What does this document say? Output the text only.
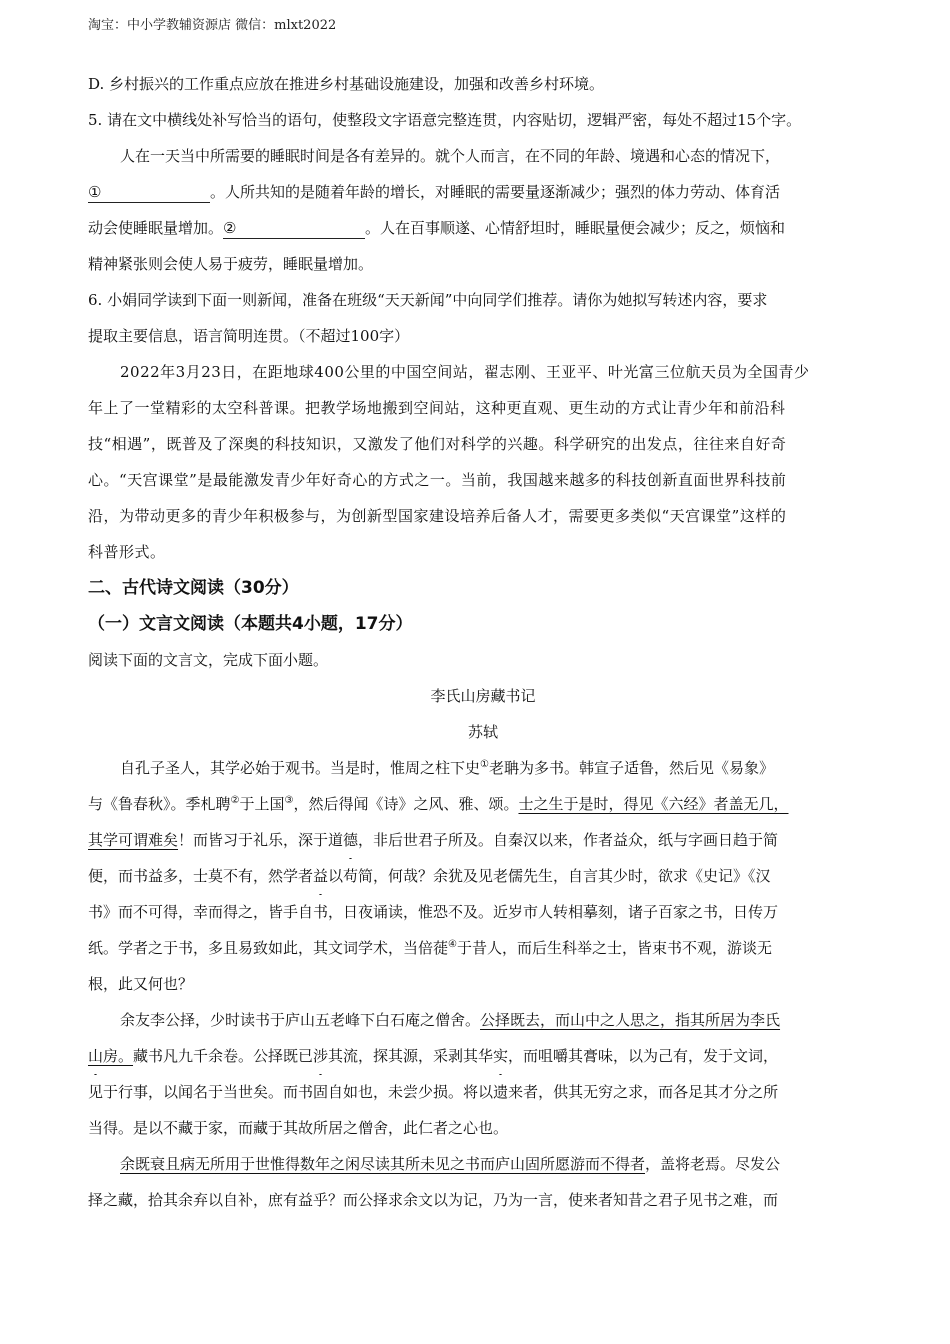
淘宝：中小学教辅资源店 微信：mlxt2022
D. 乡村振兴的工作重点应放在推进乡村基础设施建设，加强和改善乡村环境。
5. 请在文中横线处补写恰当的语句，使整段文字语意完整连贯，内容贴切，逻辑严密，每处不超过15个字。
人在一天当中所需要的睡眠时间是各有差异的。就个人而言，在不同的年龄、境遇和心态的情况下，
①	。人所共知的是随着年龄的增长，对睡眠的需要量逐渐减少；强烈的体力劳动、体育活
动会使睡眠量增加。②	。人在百事顺遂、心情舒坦时，睡眠量便会减少；反之，烦恼和
精神紧张则会使人易于疲劳，睡眠量增加。
6. 小娟同学读到下面一则新闻，准备在班级“天天新闻”中向同学们推荐。请你为她拟写转述内容，要求
提取主要信息，语言简明连贯。（不超过100字）
2022年3月23日，在距地球400公里的中国空间站，翟志刚、王亚平、叶光富三位航天员为全国青少
年上了一堂精彩的太空科普课。把教学场地搬到空间站，这种更直观、更生动的方式让青少年和前沿科
技“相遇”，既普及了深奥的科技知识，又激发了他们对科学的兴趣。科学研究的出发点，往往来自好奇
心。“天宫课堂”是最能激发青少年好奇心的方式之一。当前，我国越来越多的科技创新直面世界科技前
沿，为带动更多的青少年积极参与，为创新型国家建设培养后备人才，需要更多类似“天宫课堂”这样的
科普形式。
二、古代诗文阅读（30分）
（一）文言文阅读（本题共4小题，17分）
阅读下面的文言文，完成下面小题。
李氏山房藏书记
苏轼
自孔子圣人，其学必始于观书。当是时，惟周之柱下史①老聃为多书。韩宣子适鲁，然后见《易象》
与《鲁春秋》。季札聘②于上国③，然后得闻《诗》之风、雅、颂。士之生于是时，得见《六经》者盖无几，
其学可谓难矣！而皆习于礼乐，深于道德，非后世君子所及。自秦汉以来，作者益众，纸与字画日趋于简
便，而书益多，士莫不有，然学者益以苟简，何哉？余犹及见老儒先生，自言其少时，欲求《史记》《汉
书》而不可得，幸而得之，皆手自书，日夜诵读，惟恐不及。近岁市人转相摹刻，诸子百家之书，日传万
纸。学者之于书，多且易致如此，其文词学术，当倍蓰④于昔人，而后生科举之士，皆束书不观，游谈无
根，此又何也？
余友李公择，少时读书于庐山五老峰下白石庵之僧舍。公择既去，而山中之人思之，指其所居为李氏
山房。藏书凡九千余卷。公择既已涉其流，探其源，采剥其华实，而咀嚼其膏味，以为己有，发于文词，
见于行事，以闻名于当世矣。而书固自如也，未尝少损。将以遗来者，供其无穷之求，而各足其才分之所
当得。是以不藏于家，而藏于其故所居之僧舍，此仁者之心也。
余既衰且病无所用于世惟得数年之闲尽读其所未见之书而庐山固所愿游而不得者，盖将老焉。尽发公
择之藏，拾其余弃以自补，庶有益乎？而公择求余文以为记，乃为一言，使来者知昔之君子见书之难，而
